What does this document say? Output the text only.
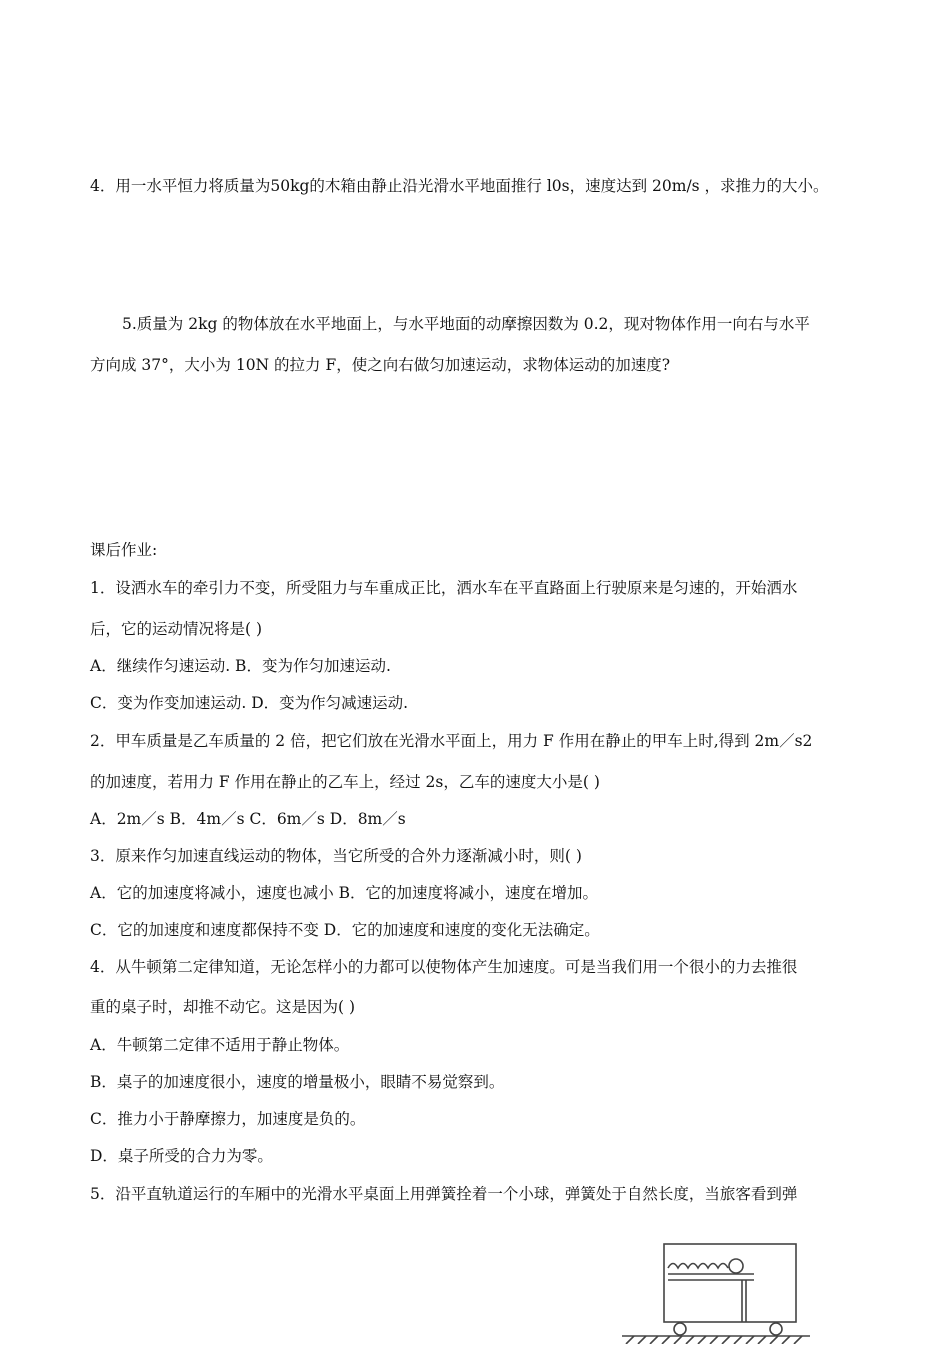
4．用一水平恒力将质量为50kg的木箱由静止沿光滑水平地面推行 l0s，速度达到 20m/s ，求推力的大小。
5.质量为 2kg 的物体放在水平地面上，与水平地面的动摩擦因数为 0.2，现对物体作用一向右与水平
方向成 37°，大小为 10N 的拉力 F，使之向右做匀加速运动，求物体运动的加速度?
课后作业:
1．设洒水车的牵引力不变，所受阻力与车重成正比，洒水车在平直路面上行驶原来是匀速的，开始洒水
后，它的运动情况将是( )
A．继续作匀速运动. B．变为作匀加速运动.
C．变为作变加速运动. D．变为作匀减速运动.
2．甲车质量是乙车质量的 2 倍，把它们放在光滑水平面上，用力 F 作用在静止的甲车上时,得到 2m／s2
的加速度，若用力 F 作用在静止的乙车上，经过 2s，乙车的速度大小是( )
A．2m／s B．4m／s C．6m／s D．8m／s
3．原来作匀加速直线运动的物体，当它所受的合外力逐渐减小时，则( )
A．它的加速度将减小，速度也减小 B．它的加速度将减小，速度在增加。
C．它的加速度和速度都保持不变 D．它的加速度和速度的变化无法确定。
4．从牛顿第二定律知道，无论怎样小的力都可以使物体产生加速度。可是当我们用一个很小的力去推很
重的桌子时，却推不动它。这是因为( )
A．牛顿第二定律不适用于静止物体。
B．桌子的加速度很小，速度的增量极小，眼睛不易觉察到。
C．推力小于静摩擦力，加速度是负的。
D．桌子所受的合力为零。
5．沿平直轨道运行的车厢中的光滑水平桌面上用弹簧拴着一个小球，弹簧处于自然长度，当旅客看到弹
